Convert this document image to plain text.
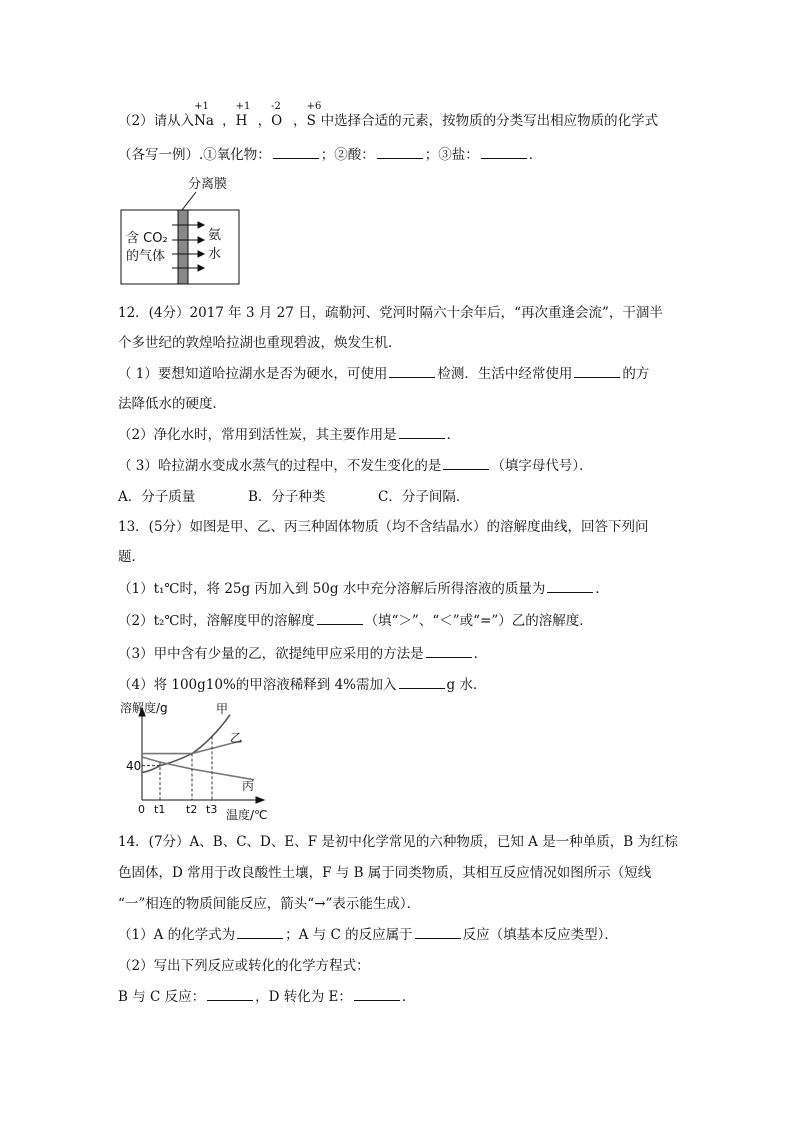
（2）请从入
+1
Na ，
+1
H ，
-2
O ，
+6
S 中选择合适的元素，按物质的分类写出相应物质的化学式
（各写一例）.①氧化物：	；②酸：	；③盐：	．
分离膜
含 CO₂
的气体
氨
水
12．(4分）2017 年 3 月 27 日，疏勒河、党河时隔六十余年后，“再次重逢会流”，干涸半
个多世纪的敦煌哈拉湖也重现碧波，焕发生机．
（ 1）要想知道哈拉湖水是否为硬水，可使用	检测．生活中经常使用	的方
法降低水的硬度．
（2）净化水时，常用到活性炭，其主要作用是	．
（ 3）哈拉湖水变成水蒸气的过程中，不发生变化的是	（填字母代号）．
A．分子质量	B．分子种类	C．分子间隔．
13．(5分）如图是甲、乙、丙三种固体物质（均不含结晶水）的溶解度曲线，回答下列问
题．
（1）t₁℃时，将 25g 丙加入到 50g 水中充分溶解后所得溶液的质量为	．
（2）t₂℃时，溶解度甲的溶解度	（填“＞”、“＜”或“=”）乙的溶解度．
（3）甲中含有少量的乙，欲提纯甲应采用的方法是	．
（4）将 100g10%的甲溶液稀释到 4%需加入	g 水．
溶解度/g
温度/℃
40
0 t1 t2 t3
甲
乙
丙
14．(7分）A、B、C、D、E、F 是初中化学常见的六种物质，已知 A 是一种单质，B 为红棕
色固体，D 常用于改良酸性土壤，F 与 B 属于同类物质，其相互反应情况如图所示（短线
“一”相连的物质间能反应，箭头“→”表示能生成）．
（1）A 的化学式为	；A 与 C 的反应属于	反应（填基本反应类型）．
（2）写出下列反应或转化的化学方程式：
B 与 C 反应：	，D 转化为 E：	．
